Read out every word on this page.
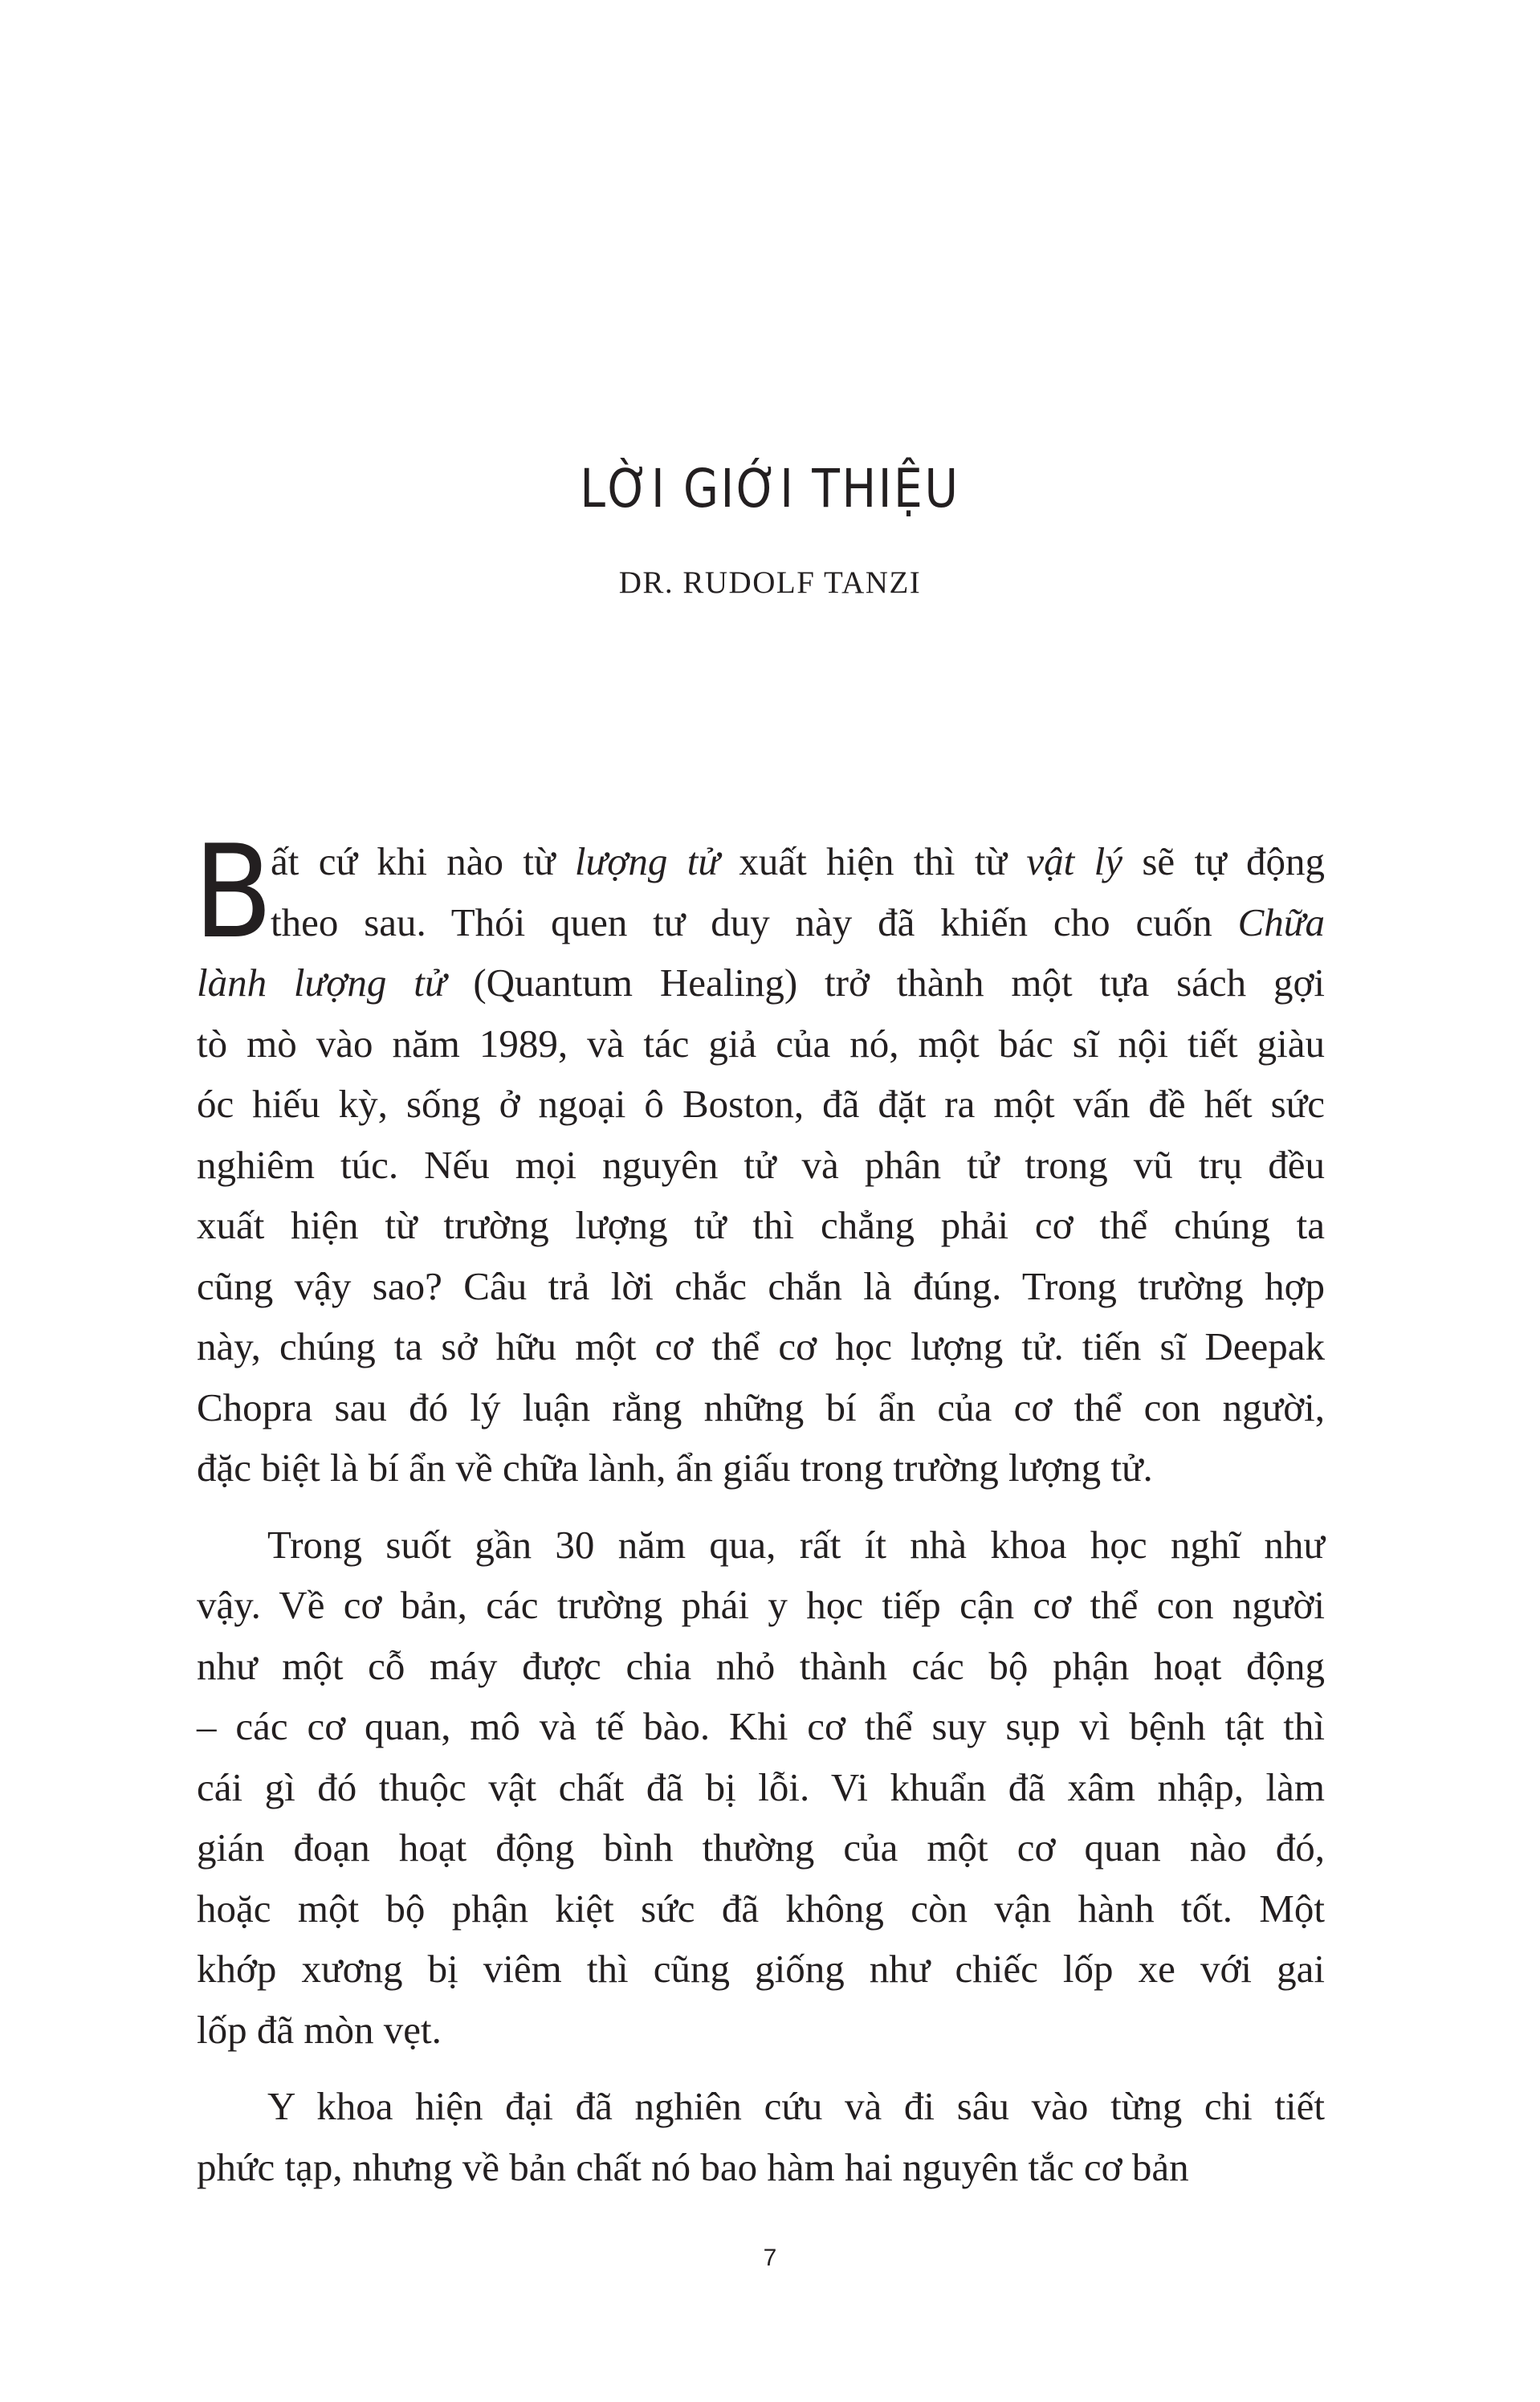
LỜI GIỚI THIỆU
DR. RUDOLF TANZI
B
ất cứ khi nào từ lượng tử xuất hiện thì từ vật lý sẽ tự động
theo sau. Thói quen tư duy này đã khiến cho cuốn Chữa
lành lượng tử (Quantum Healing) trở thành một tựa sách gợi
tò mò vào năm 1989, và tác giả của nó, một bác sĩ nội tiết giàu
óc hiếu kỳ, sống ở ngoại ô Boston, đã đặt ra một vấn đề hết sức
nghiêm túc. Nếu mọi nguyên tử và phân tử trong vũ trụ đều
xuất hiện từ trường lượng tử thì chẳng phải cơ thể chúng ta
cũng vậy sao? Câu trả lời chắc chắn là đúng. Trong trường hợp
này, chúng ta sở hữu một cơ thể cơ học lượng tử. tiến sĩ Deepak
Chopra sau đó lý luận rằng những bí ẩn của cơ thể con người,
đặc biệt là bí ẩn về chữa lành, ẩn giấu trong trường lượng tử.
Trong suốt gần 30 năm qua, rất ít nhà khoa học nghĩ như
vậy. Về cơ bản, các trường phái y học tiếp cận cơ thể con người
như một cỗ máy được chia nhỏ thành các bộ phận hoạt động
– các cơ quan, mô và tế bào. Khi cơ thể suy sụp vì bệnh tật thì
cái gì đó thuộc vật chất đã bị lỗi. Vi khuẩn đã xâm nhập, làm
gián đoạn hoạt động bình thường của một cơ quan nào đó,
hoặc một bộ phận kiệt sức đã không còn vận hành tốt. Một
khớp xương bị viêm thì cũng giống như chiếc lốp xe với gai
lốp đã mòn vẹt.
Y khoa hiện đại đã nghiên cứu và đi sâu vào từng chi tiết
phức tạp, nhưng về bản chất nó bao hàm hai nguyên tắc cơ bản
7
